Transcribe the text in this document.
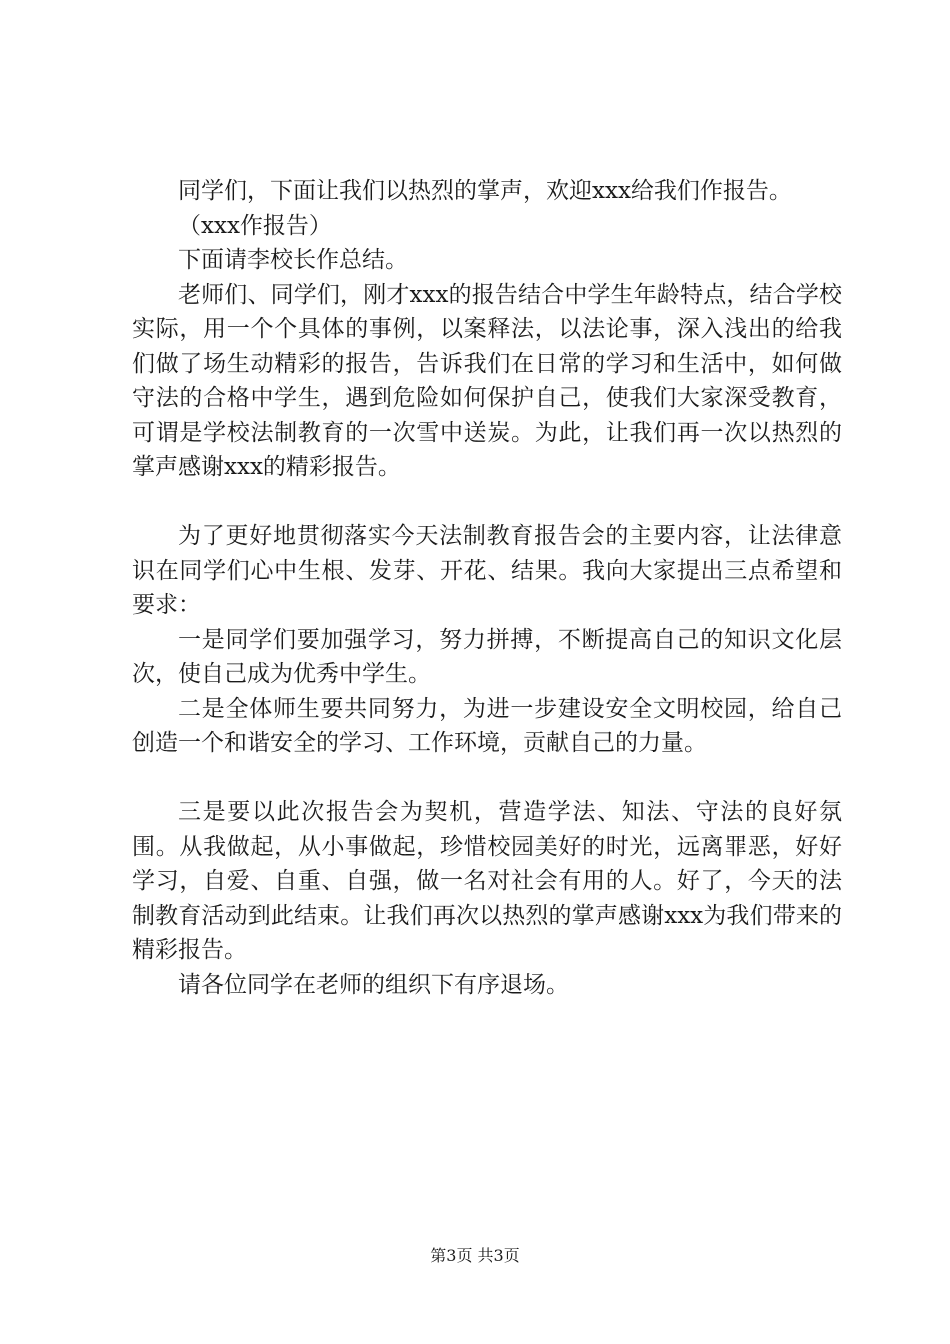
同学们，下面让我们以热烈的掌声，欢迎xxx给我们作报告。

（xxx作报告）

下面请李校长作总结。

老师们、同学们，刚才xxx的报告结合中学生年龄特点，结合学校实际，用一个个具体的事例，以案释法，以法论事，深入浅出的给我们做了场生动精彩的报告，告诉我们在日常的学习和生活中，如何做守法的合格中学生，遇到危险如何保护自己，使我们大家深受教育，可谓是学校法制教育的一次雪中送炭。为此，让我们再一次以热烈的掌声感谢xxx的精彩报告。

为了更好地贯彻落实今天法制教育报告会的主要内容，让法律意识在同学们心中生根、发芽、开花、结果。我向大家提出三点希望和要求：

一是同学们要加强学习，努力拼搏，不断提高自己的知识文化层次，使自己成为优秀中学生。

二是全体师生要共同努力，为进一步建设安全文明校园，给自己创造一个和谐安全的学习、工作环境，贡献自己的力量。

三是要以此次报告会为契机，营造学法、知法、守法的良好氛围。从我做起，从小事做起，珍惜校园美好的时光，远离罪恶，好好学习，自爱、自重、自强，做一名对社会有用的人。好了，今天的法制教育活动到此结束。让我们再次以热烈的掌声感谢xxx为我们带来的精彩报告。

请各位同学在老师的组织下有序退场。

第3页 共3页
